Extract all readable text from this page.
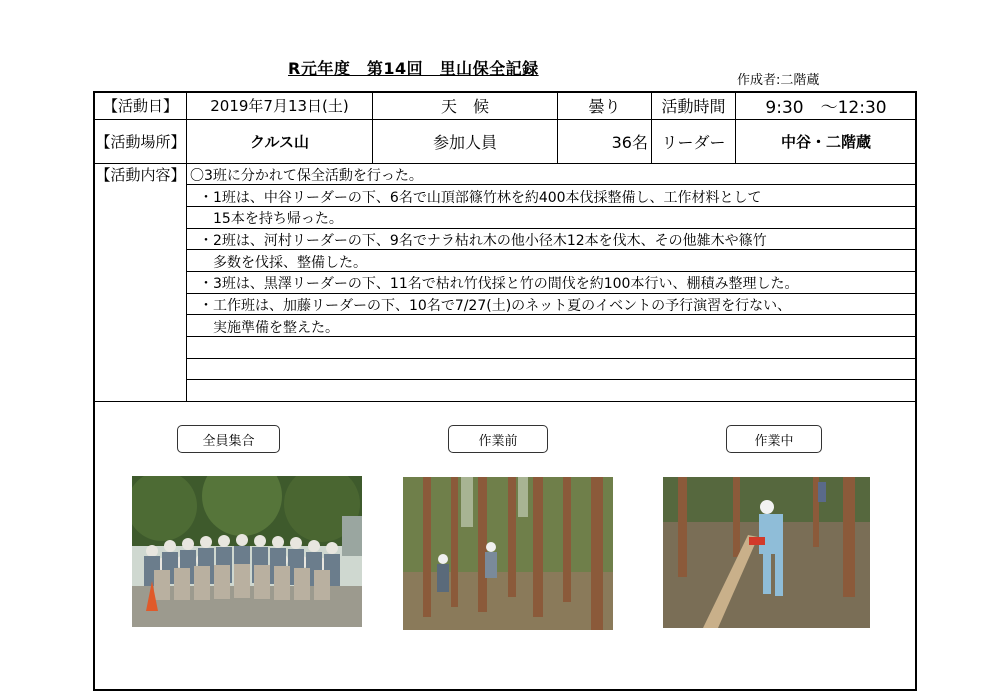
R元年度　第14回　里山保全記録
作成者:二階蔵
【活動日】	2019年7月13日(土)	天　候	曇り	活動時間	9:30　～12:30
【活動場所】	クルス山	参加人員	36名 リーダー	中谷・二階蔵
【活動内容】 〇3班に分かれて保全活動を行った。
・1班は、中谷リーダーの下、6名で山頂部篠竹林を約400本伐採整備し、工作材料として
　15本を持ち帰った。
・2班は、河村リーダーの下、9名でナラ枯れ木の他小径木12本を伐木、その他雑木や篠竹
　多数を伐採、整備した。
・3班は、黒澤リーダーの下、11名で枯れ竹伐採と竹の間伐を約100本行い、棚積み整理した。
・工作班は、加藤リーダーの下、10名で7/27(土)のネット夏のイベントの予行演習を行ない、
　実施準備を整えた。
全員集合	作業前	作業中
